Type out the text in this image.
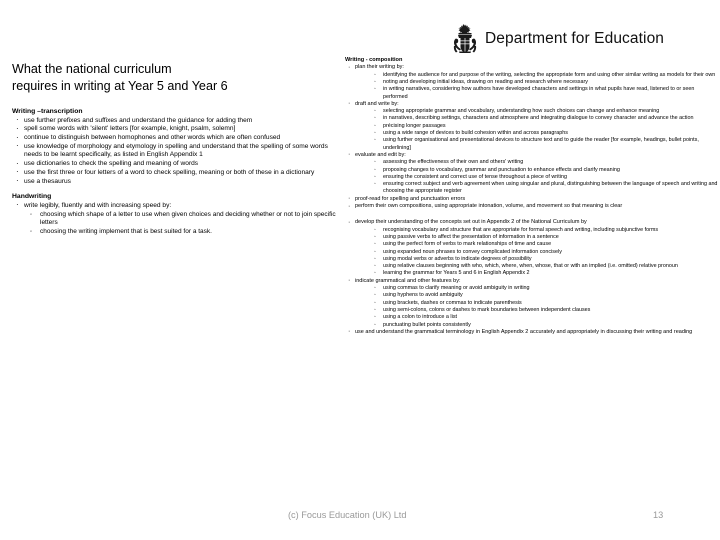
Department for Education
What the national curriculum
requires in writing at Year 5 and Year 6
Writing –transcription
· use further prefixes and suffixes and understand the guidance for adding them
· spell some words with 'silent' letters [for example, knight, psalm, solemn]
· continue to distinguish between homophones and other words which are often confused
· use knowledge of morphology and etymology in spelling and understand that the spelling of some words needs to be learnt specifically, as listed in English Appendix 1
· use dictionaries to check the spelling and meaning of words
· use the first three or four letters of a word to check spelling, meaning or both of these in a dictionary
· use a thesaurus
Handwriting
· write legibly, fluently and with increasing speed by:
◦ choosing which shape of a letter to use when given choices and deciding whether or not to join specific letters
◦ choosing the writing implement that is best suited for a task.
Writing - composition
· plan their writing by:
◦ identifying the audience for and purpose of the writing, selecting the appropriate form and using other similar writing as models for their own
◦ noting and developing initial ideas, drawing on reading and research where necessary
◦ in writing narratives, considering how authors have developed characters and settings in what pupils have read, listened to or seen performed
· draft and write by:
◦ selecting appropriate grammar and vocabulary, understanding how such choices can change and enhance meaning
◦ in narratives, describing settings, characters and atmosphere and integrating dialogue to convey character and advance the action
◦ précising longer passages
◦ using a wide range of devices to build cohesion within and across paragraphs
◦ using further organisational and presentational devices to structure text and to guide the reader [for example, headings, bullet points, underlining]
· evaluate and edit by:
◦ assessing the effectiveness of their own and others' writing
◦ proposing changes to vocabulary, grammar and punctuation to enhance effects and clarify meaning
◦ ensuring the consistent and correct use of tense throughout a piece of writing
◦ ensuring correct subject and verb agreement when using singular and plural, distinguishing between the language of speech and writing and choosing the appropriate register
· proof-read for spelling and punctuation errors
· perform their own compositions, using appropriate intonation, volume, and movement so that meaning is clear
· develop their understanding of the concepts set out in Appendix 2 of the National Curriculum by
◦ recognising vocabulary and structure that are appropriate for formal speech and writing, including subjunctive forms
◦ using passive verbs to affect the presentation of information in a sentence
◦ using the perfect form of verbs to mark relationships of time and cause
◦ using expanded noun phrases to convey complicated information concisely
◦ using modal verbs or adverbs to indicate degrees of possibility
◦ using relative clauses beginning with who, which, where, when, whose, that or with an implied (i.e. omitted) relative pronoun
◦ learning the grammar for Years 5 and 6 in English Appendix 2
· indicate grammatical and other features by:
◦ using commas to clarify meaning or avoid ambiguity in writing
◦ using hyphens to avoid ambiguity
◦ using brackets, dashes or commas to indicate parenthesis
◦ using semi-colons, colons or dashes to mark boundaries between independent clauses
◦ using a colon to introduce a list
◦ punctuating bullet points consistently
· use and understand the grammatical terminology in English Appendix 2 accurately and appropriately in discussing their writing and reading
(c) Focus Education (UK) Ltd	13
